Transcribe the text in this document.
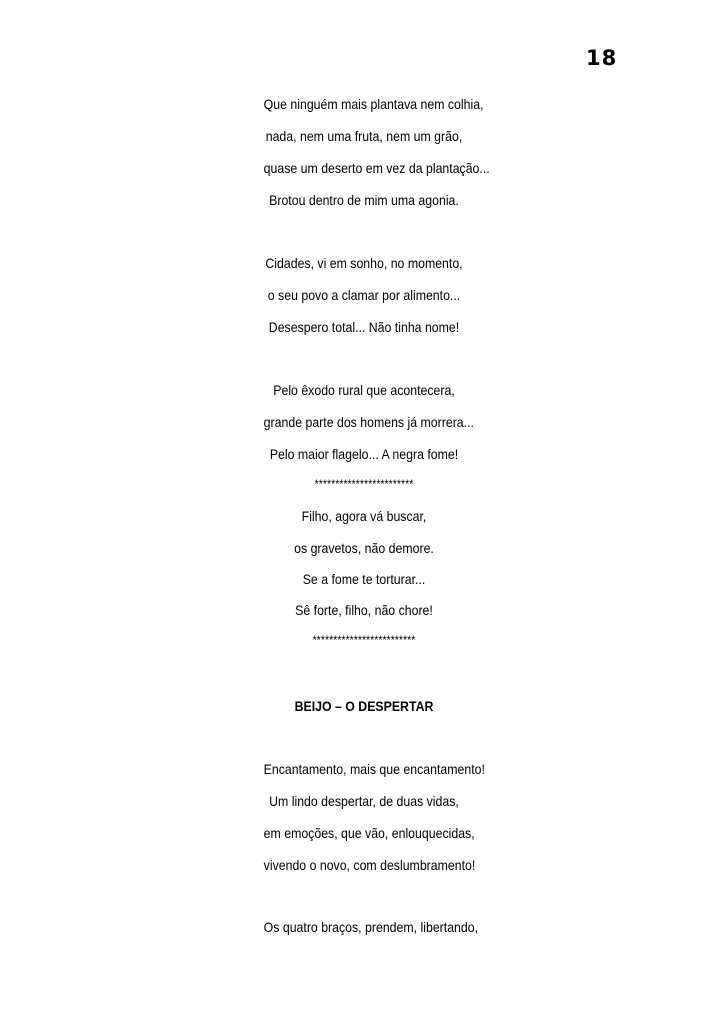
18
Que ninguém mais plantava nem colhia,
nada, nem uma fruta, nem um grão,
quase um deserto em vez da plantação...
Brotou dentro de mim uma agonia.
Cidades, vi em sonho, no momento,
o seu povo a clamar por alimento...
Desespero total... Não tinha nome!
Pelo êxodo rural que acontecera,
grande parte dos homens já morrera...
Pelo maior flagelo... A negra fome!
************************
Filho, agora vá buscar,
os gravetos, não demore.
Se a fome te torturar...
Sê forte, filho, não chore!
*************************
BEIJO – O DESPERTAR
Encantamento, mais que encantamento!
Um lindo despertar, de duas vidas,
em emoções, que vão, enlouquecidas,
vivendo o novo, com deslumbramento!
Os quatro braços, prendem, libertando,
